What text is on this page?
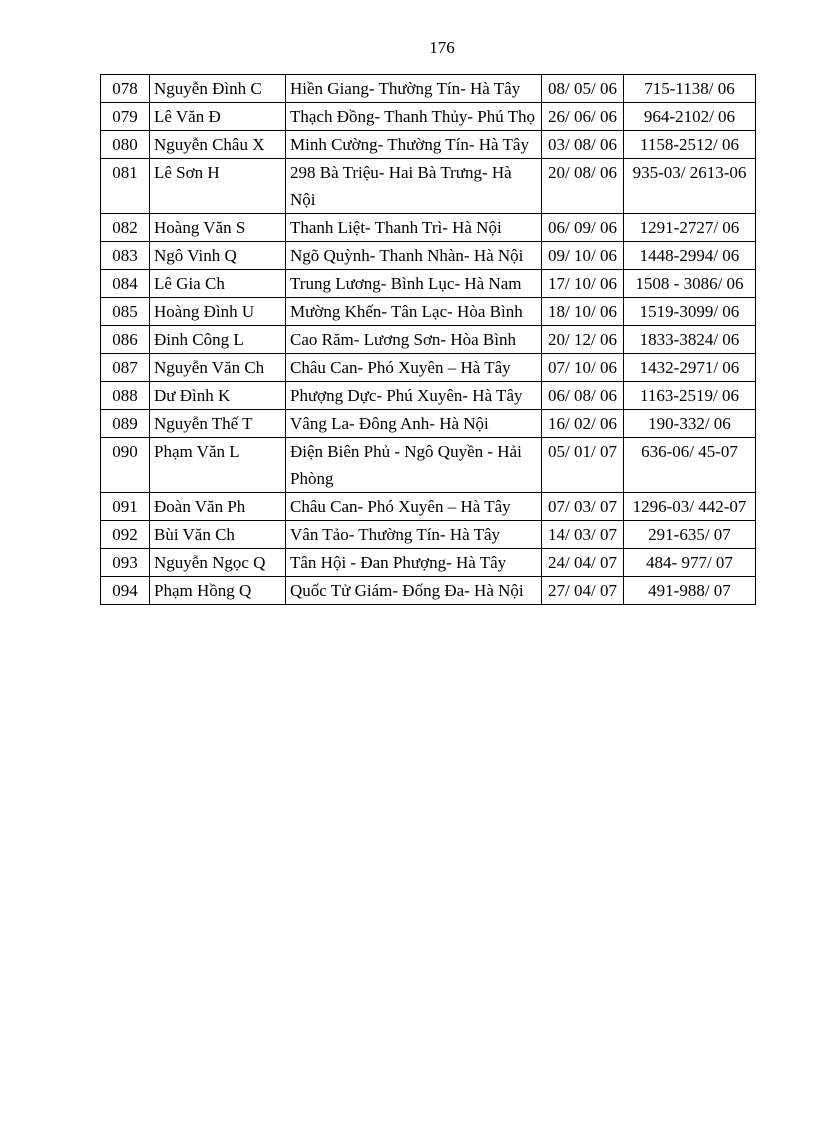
176
078	Nguyễn Đình C	Hiền Giang- Thường Tín- Hà Tây	08/ 05/ 06	715-1138/ 06
079	Lê Văn Đ	Thạch Đồng- Thanh Thủy- Phú Thọ	26/ 06/ 06	964-2102/ 06
080	Nguyễn Châu X	Minh Cường- Thường Tín- Hà Tây	03/ 08/ 06	1158-2512/ 06
081	Lê Sơn H	298 Bà Triệu- Hai Bà Trưng- Hà Nội	20/ 08/ 06	935-03/ 2613-06
082	Hoàng Văn S	Thanh Liệt- Thanh Trì- Hà Nội	06/ 09/ 06	1291-2727/ 06
083	Ngô Vinh Q	Ngõ Quỳnh- Thanh Nhàn- Hà Nội	09/ 10/ 06	1448-2994/ 06
084	Lê Gia Ch	Trung Lương- Bình Lục- Hà Nam	17/ 10/ 06	1508 - 3086/ 06
085	Hoàng Đình U	Mường Khến- Tân Lạc- Hòa Bình	18/ 10/ 06	1519-3099/ 06
086	Đinh Công L	Cao Răm- Lương Sơn- Hòa Bình	20/ 12/ 06	1833-3824/ 06
087	Nguyễn Văn Ch	Châu Can- Phó Xuyên – Hà Tây	07/ 10/ 06	1432-2971/ 06
088	Dư Đình K	Phượng Dực- Phú Xuyên- Hà Tây	06/ 08/ 06	1163-2519/ 06
089	Nguyễn Thế T	Vâng La- Đông Anh- Hà Nội	16/ 02/ 06	190-332/ 06
090	Phạm Văn L	Điện Biên Phủ - Ngô Quyền - Hải Phòng	05/ 01/ 07	636-06/ 45-07
091	Đoàn Văn Ph	Châu Can- Phó Xuyên – Hà Tây	07/ 03/ 07	1296-03/ 442-07
092	Bùi Văn Ch	Vân Tảo- Thường Tín- Hà Tây	14/ 03/ 07	291-635/ 07
093	Nguyễn Ngọc Q	Tân Hội - Đan Phượng- Hà Tây	24/ 04/ 07	484- 977/ 07
094	Phạm Hồng Q	Quốc Tử Giám- Đống Đa- Hà Nội	27/ 04/ 07	491-988/ 07
